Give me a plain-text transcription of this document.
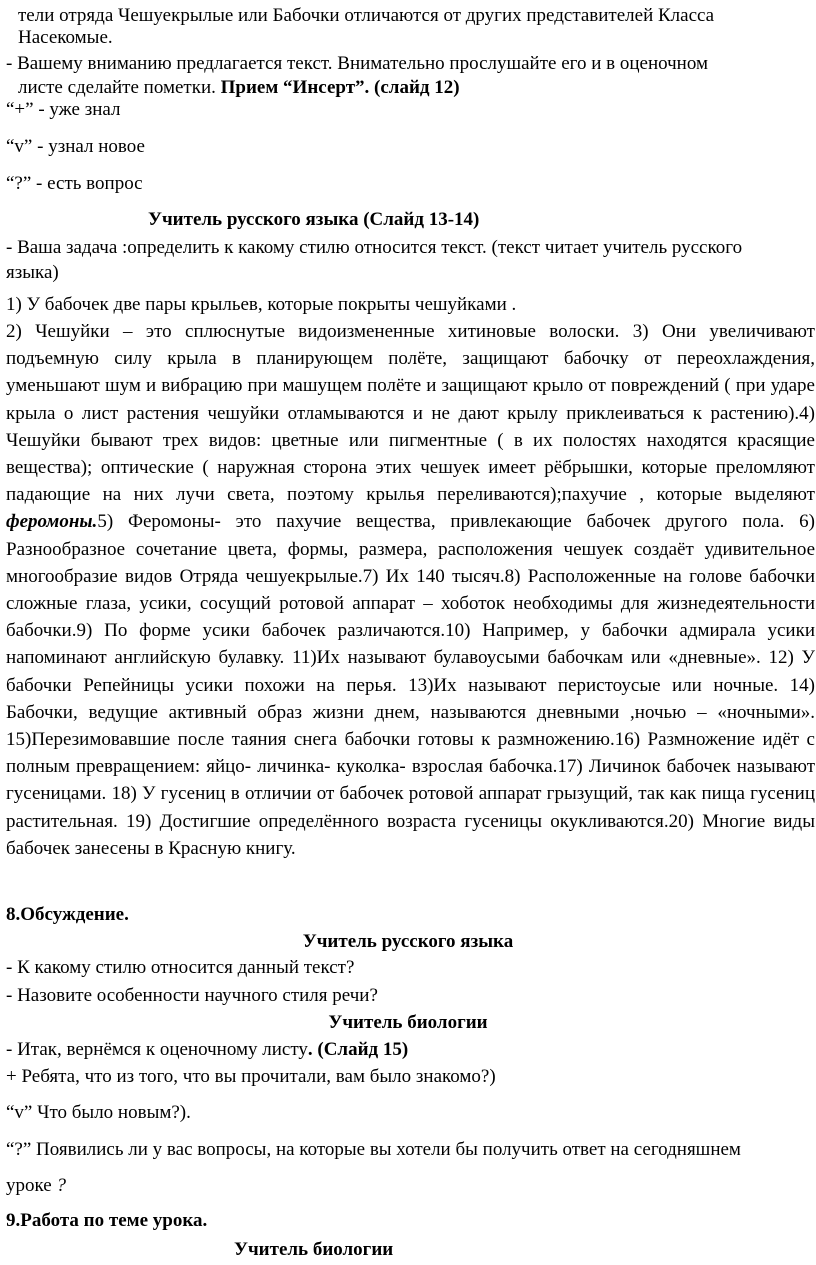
тели отряда Чешуекрылые или Бабочки отличаются от других представителей Класса

Насекомые.

- Вашему вниманию предлагается текст. Внимательно прослушайте его и в оценочном

листе сделайте пометки. Прием “Инсерт”. (слайд 12)

“+” - уже знал

“v” - узнал новое

“?” - есть вопрос

Учитель русского языка (Слайд 13-14)

- Ваша задача :определить к какому стилю относится текст. (текст читает учитель русского

языка)

1) У бабочек две пары крыльев, которые покрыты чешуйками .

2) Чешуйки – это сплюснутые видоизмененные хитиновые волоски. 3) Они увеличивают подъемную силу крыла в планирующем полёте, защищают бабочку от переохлаждения, уменьшают шум и вибрацию при машущем полёте и защищают крыло от повреждений ( при ударе крыла о лист растения чешуйки отламываются и не дают крылу приклеиваться к растению).4) Чешуйки бывают трех видов: цветные или пигментные ( в их полостях находятся красящие вещества); оптические ( наружная сторона этих чешуек имеет рёбрышки, которые преломляют падающие на них лучи света, поэтому крылья переливаются);пахучие , которые выделяют феромоны.5) Феромоны- это пахучие вещества, привлекающие бабочек другого пола. 6) Разнообразное сочетание цвета, формы, размера, расположения чешуек создаёт удивительное многообразие видов Отряда чешуекрылые.7) Их 140 тысяч.8) Расположенные на голове бабочки сложные глаза, усики, сосущий ротовой аппарат – хоботок необходимы для жизнедеятельности бабочки.9) По форме усики бабочек различаются.10) Например, у бабочки адмирала усики напоминают английскую булавку. 11)Их называют булавоусыми бабочкам или «дневные». 12) У бабочки Репейницы усики похожи на перья. 13)Их называют перистоусые или ночные. 14) Бабочки, ведущие активный образ жизни днем, называются дневными ,ночью – «ночными». 15)Перезимовавшие после таяния снега бабочки готовы к размножению.16) Размножение идёт с полным превращением: яйцо- личинка- куколка- взрослая бабочка.17) Личинок бабочек называют гусеницами. 18) У гусениц в отличии от бабочек ротовой аппарат грызущий, так как пища гусениц растительная. 19) Достигшие определённого возраста гусеницы окукливаются.20) Многие виды бабочек занесены в Красную книгу.

8.Обсуждение.

Учитель русского языка

- К какому стилю относится данный текст?

- Назовите особенности научного стиля речи?

Учитель биологии

- Итак, вернёмся к оценочному листу. (Слайд 15)

+ Ребята, что из того, что вы прочитали, вам было знакомо?)

“v” Что было новым?).

“?” Появились ли у вас вопросы, на которые вы хотели бы получить ответ на сегодняшнем

уроке ?

9.Работа по теме урока.

Учитель биологии
